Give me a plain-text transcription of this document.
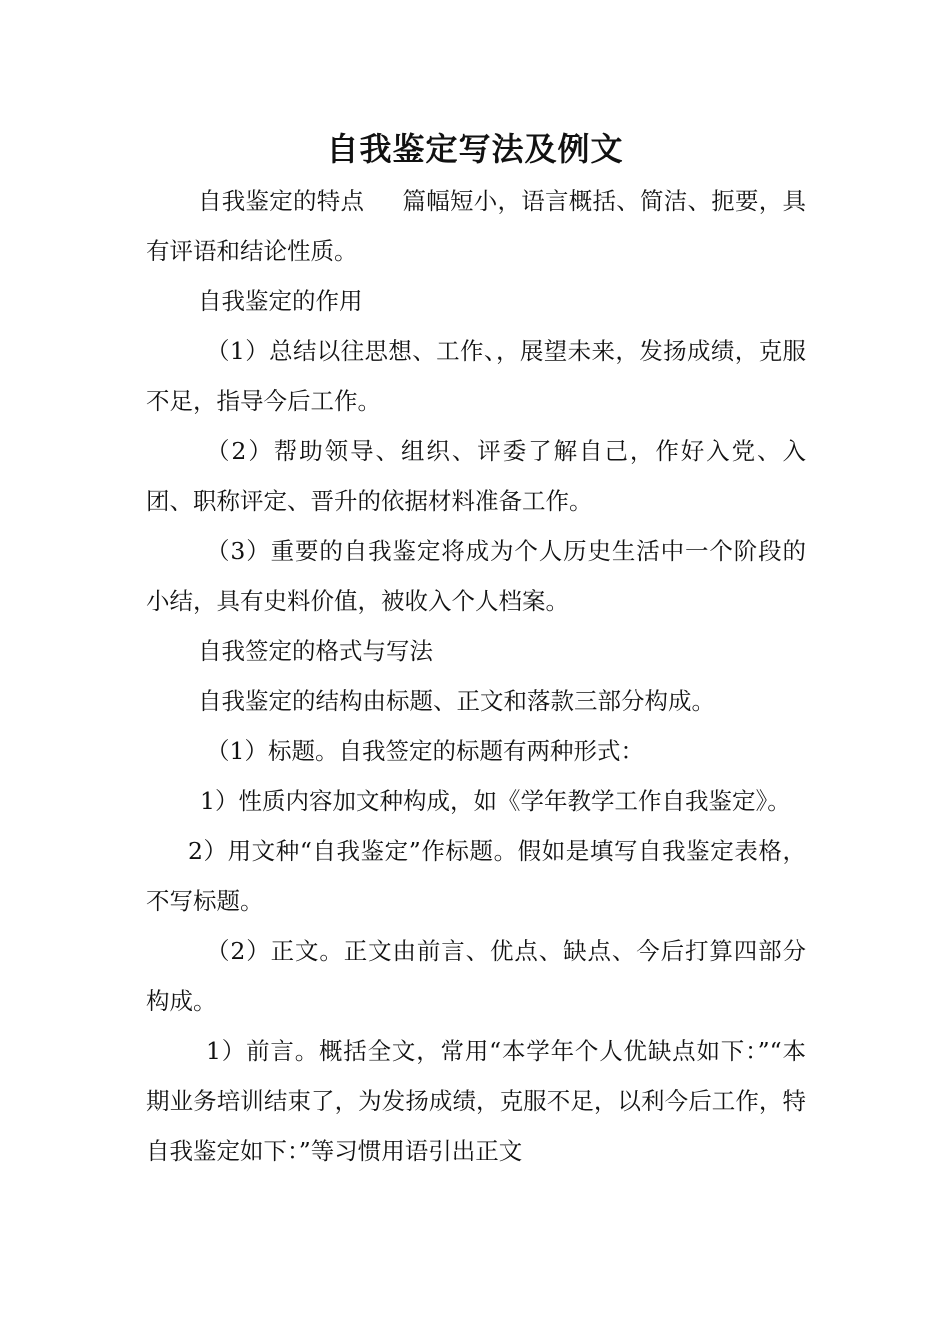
自我鉴定写法及例文

自我鉴定的特点 篇幅短小，语言概括、简洁、扼要，具有评语和结论性质。

自我鉴定的作用

（1）总结以往思想、工作、，展望未来，发扬成绩，克服不足，指导今后工作。

（2）帮助领导、组织、评委了解自己，作好入党、入团、职称评定、晋升的依据材料准备工作。

（3）重要的自我鉴定将成为个人历史生活中一个阶段的小结，具有史料价值，被收入个人档案。

自我签定的格式与写法

自我鉴定的结构由标题、正文和落款三部分构成。

（1）标题。自我签定的标题有两种形式：

1）性质内容加文种构成，如《学年教学工作自我鉴定》。

2）用文种“自我鉴定”作标题。假如是填写自我鉴定表格，不写标题。

（2）正文。正文由前言、优点、缺点、今后打算四部分构成。

1）前言。概括全文，常用“本学年个人优缺点如下：”“本期业务培训结束了，为发扬成绩，克服不足，以利今后工作，特自我鉴定如下：”等习惯用语引出正文
